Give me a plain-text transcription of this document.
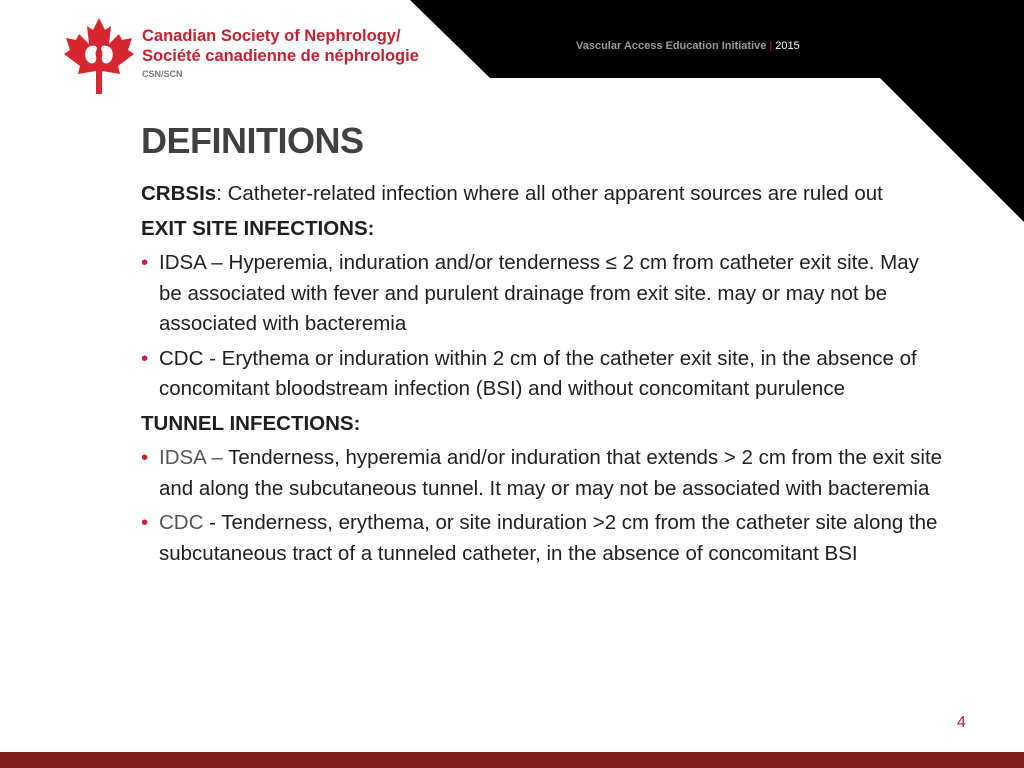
Canadian Society of Nephrology/
Société canadienne de néphrologie
CSN/SCN
Vascular Access Education Initiative | 2015
DEFINITIONS

CRBSIs: Catheter-related infection where all other apparent sources are ruled out

EXIT SITE INFECTIONS:

• IDSA – Hyperemia, induration and/or tenderness ≤ 2 cm from catheter exit site. May be associated with fever and purulent drainage from exit site. may or may not be associated with bacteremia

• CDC - Erythema or induration within 2 cm of the catheter exit site, in the absence of concomitant bloodstream infection (BSI) and without concomitant purulence

TUNNEL INFECTIONS:

• IDSA – Tenderness, hyperemia and/or induration that extends > 2 cm from the exit site and along the subcutaneous tunnel. It may or may not be associated with bacteremia

• CDC - Tenderness, erythema, or site induration >2 cm from the catheter site along the subcutaneous tract of a tunneled catheter, in the absence of concomitant BSI

4
